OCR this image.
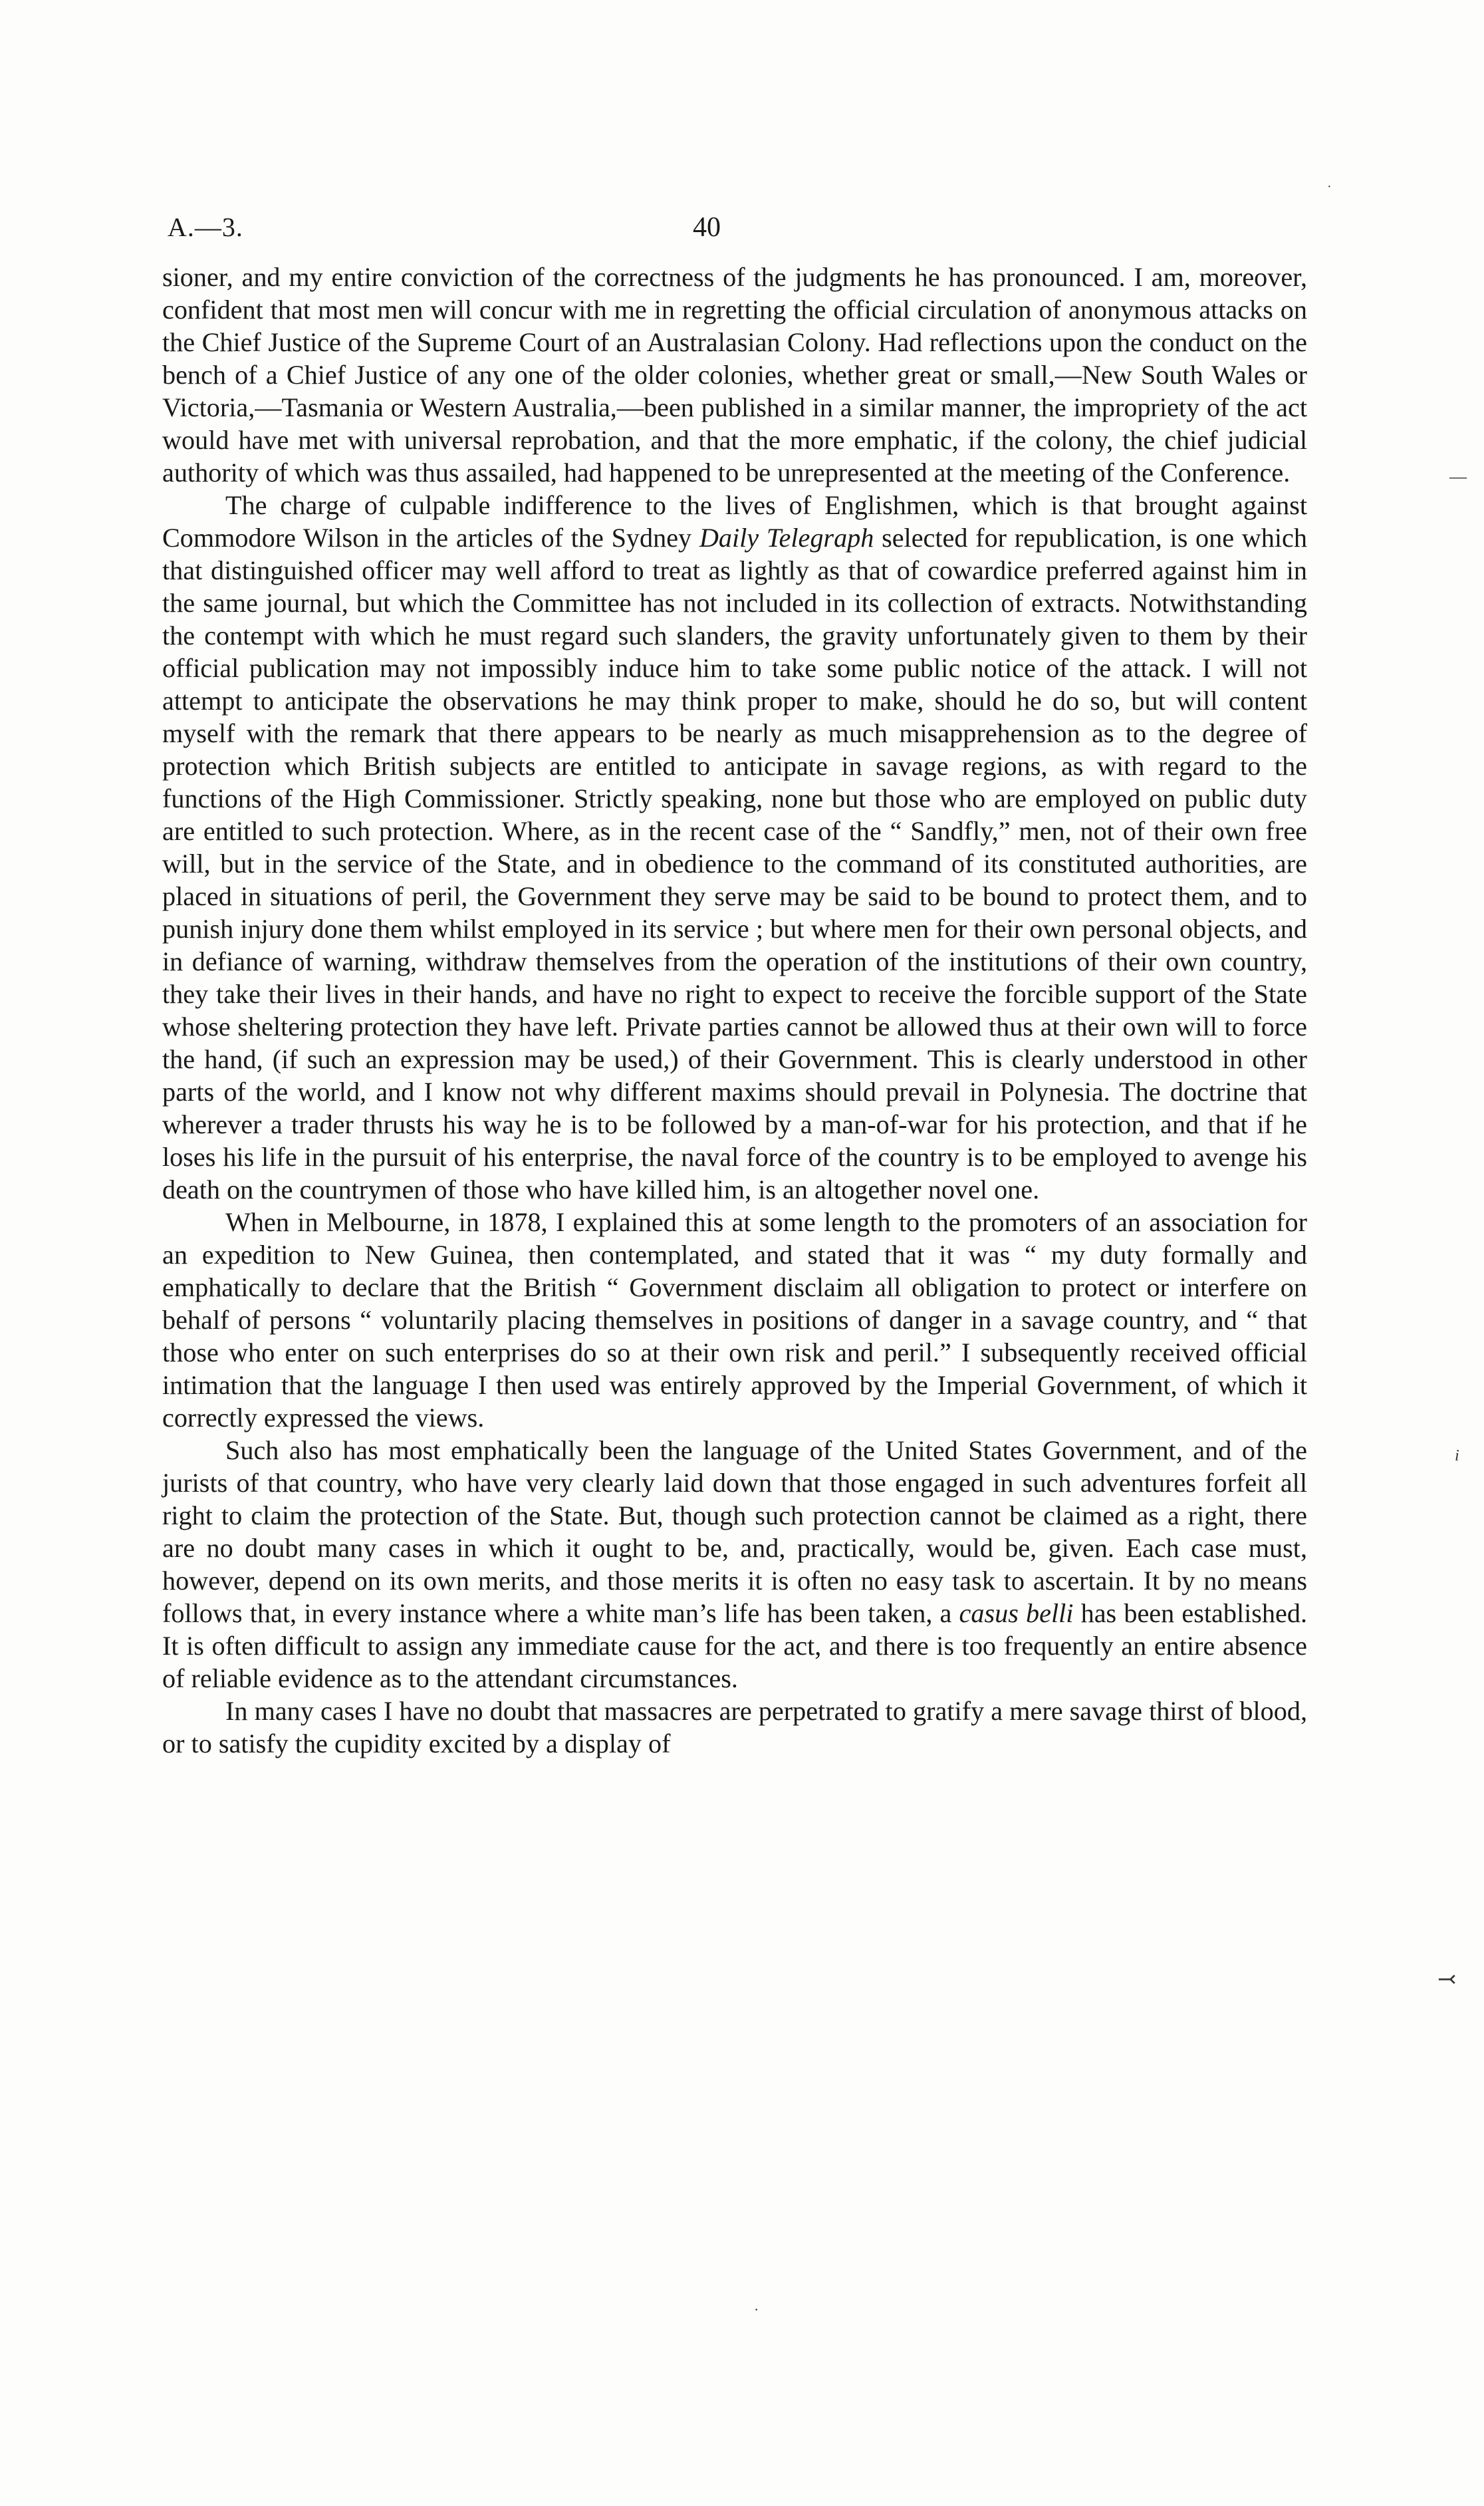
A.—3.	40

sioner, and my entire conviction of the correctness of the judgments he has pronounced. I am, moreover, confident that most men will concur with me in regretting the official circulation of anonymous attacks on the Chief Justice of the Supreme Court of an Australasian Colony. Had reflections upon the conduct on the bench of a Chief Justice of any one of the older colonies, whether great or small,—New South Wales or Victoria,—Tasmania or Western Australia,—been published in a similar manner, the impropriety of the act would have met with universal reprobation, and that the more emphatic, if the colony, the chief judicial authority of which was thus assailed, had happened to be unrepresented at the meeting of the Conference.

The charge of culpable indifference to the lives of Englishmen, which is that brought against Commodore Wilson in the articles of the Sydney Daily Telegraph selected for republication, is one which that distinguished officer may well afford to treat as lightly as that of cowardice preferred against him in the same journal, but which the Committee has not included in its collection of extracts. Notwithstanding the contempt with which he must regard such slanders, the gravity unfortunately given to them by their official publication may not impossibly induce him to take some public notice of the attack. I will not attempt to anticipate the observations he may think proper to make, should he do so, but will content myself with the remark that there appears to be nearly as much misapprehension as to the degree of protection which British subjects are entitled to anticipate in savage regions, as with regard to the functions of the High Commissioner. Strictly speaking, none but those who are employed on public duty are entitled to such protection. Where, as in the recent case of the “ Sandfly,” men, not of their own free will, but in the service of the State, and in obedience to the command of its constituted authorities, are placed in situations of peril, the Government they serve may be said to be bound to protect them, and to punish injury done them whilst employed in its service ; but where men for their own personal objects, and in defiance of warning, withdraw themselves from the operation of the institutions of their own country, they take their lives in their hands, and have no right to expect to receive the forcible support of the State whose sheltering protection they have left. Private parties cannot be allowed thus at their own will to force the hand, (if such an expression may be used,) of their Government. This is clearly understood in other parts of the world, and I know not why different maxims should prevail in Polynesia. The doctrine that wherever a trader thrusts his way he is to be followed by a man-of-war for his protection, and that if he loses his life in the pursuit of his enterprise, the naval force of the country is to be employed to avenge his death on the countrymen of those who have killed him, is an altogether novel one.

When in Melbourne, in 1878, I explained this at some length to the promoters of an association for an expedition to New Guinea, then contemplated, and stated that it was “ my duty formally and emphatically to declare that the British “ Government disclaim all obligation to protect or interfere on behalf of persons “ voluntarily placing themselves in positions of danger in a savage country, and “ that those who enter on such enterprises do so at their own risk and peril.” I subsequently received official intimation that the language I then used was entirely approved by the Imperial Government, of which it correctly expressed the views.

Such also has most emphatically been the language of the United States Government, and of the jurists of that country, who have very clearly laid down that those engaged in such adventures forfeit all right to claim the protection of the State. But, though such protection cannot be claimed as a right, there are no doubt many cases in which it ought to be, and, practically, would be, given. Each case must, however, depend on its own merits, and those merits it is often no easy task to ascertain. It by no means follows that, in every instance where a white man’s life has been taken, a casus belli has been established. It is often difficult to assign any immediate cause for the act, and there is too frequently an entire absence of reliable evidence as to the attendant circumstances.

In many cases I have no doubt that massacres are perpetrated to gratify a mere savage thirst of blood, or to satisfy the cupidity excited by a display of

·
—
i
⤙
·
